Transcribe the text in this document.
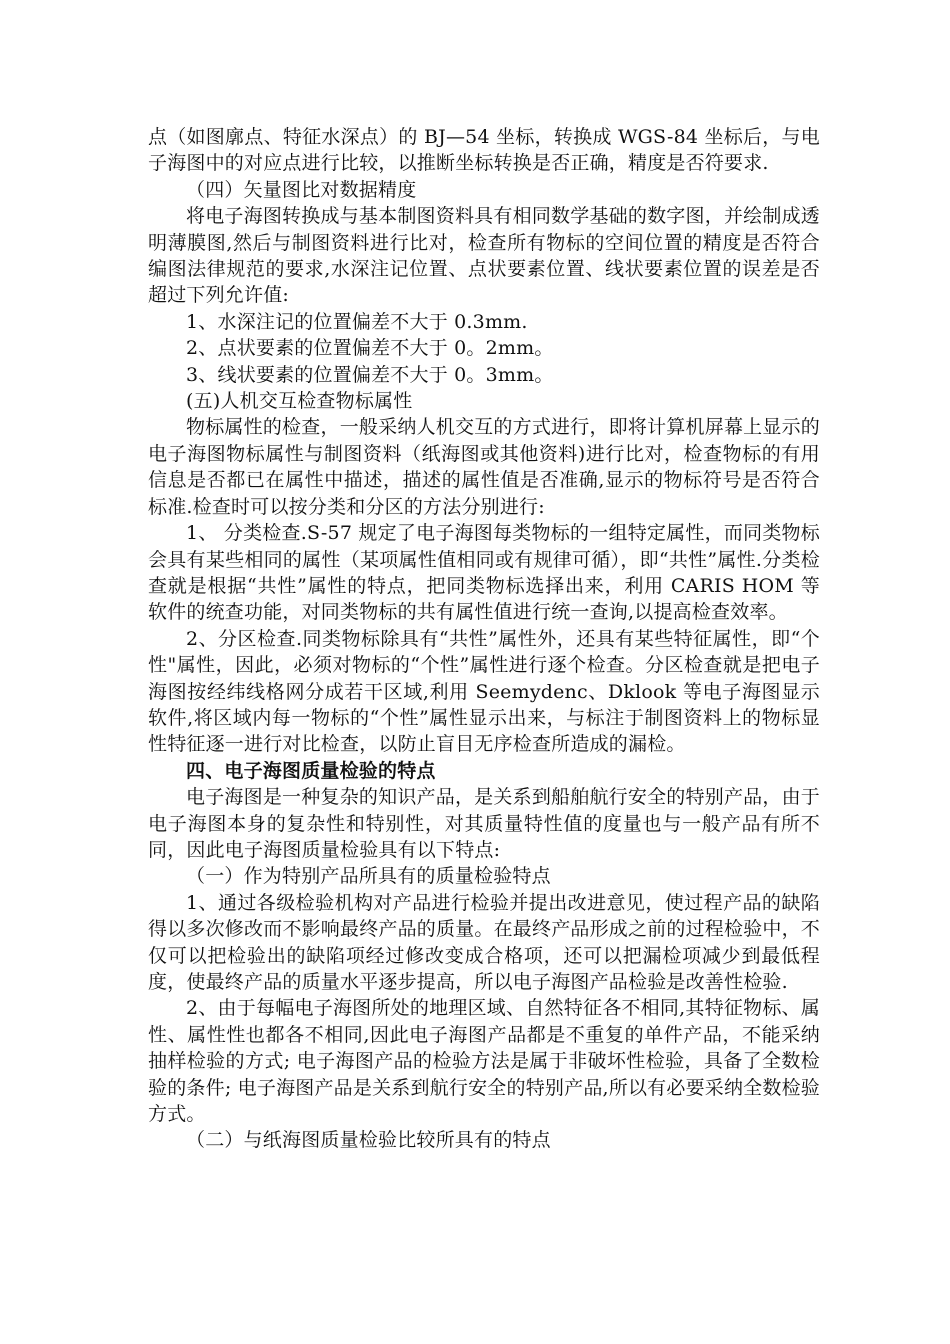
点（如图廓点、特征水深点）的 BJ—54 坐标，转换成 WGS-84 坐标后，与电子海图中的对应点进行比较，以推断坐标转换是否正确，精度是否符要求.

（四）矢量图比对数据精度

将电子海图转换成与基本制图资料具有相同数学基础的数字图，并绘制成透明薄膜图,然后与制图资料进行比对，检查所有物标的空间位置的精度是否符合编图法律规范的要求,水深注记位置、点状要素位置、线状要素位置的误差是否超过下列允许值:

1、水深注记的位置偏差不大于 0.3mm.

2、点状要素的位置偏差不大于 0。2mm。

3、线状要素的位置偏差不大于 0。3mm。

(五)人机交互检查物标属性

物标属性的检查，一般采纳人机交互的方式进行，即将计算机屏幕上显示的电子海图物标属性与制图资料（纸海图或其他资料)进行比对，检查物标的有用信息是否都已在属性中描述，描述的属性值是否准确,显示的物标符号是否符合标准.检查时可以按分类和分区的方法分别进行:

1、 分类检查.S-57 规定了电子海图每类物标的一组特定属性，而同类物标会具有某些相同的属性（某项属性值相同或有规律可循），即“共性”属性.分类检查就是根据“共性”属性的特点，把同类物标选择出来，利用 CARIS HOM 等软件的统查功能，对同类物标的共有属性值进行统一查询,以提高检查效率。

2、分区检查.同类物标除具有“共性”属性外，还具有某些特征属性，即“个性"属性，因此，必须对物标的“个性”属性进行逐个检查。分区检查就是把电子海图按经纬线格网分成若干区域,利用 Seemydenc、Dklook 等电子海图显示软件,将区域内每一物标的“个性”属性显示出来，与标注于制图资料上的物标显性特征逐一进行对比检查，以防止盲目无序检查所造成的漏检。

四、电子海图质量检验的特点

电子海图是一种复杂的知识产品，是关系到船舶航行安全的特别产品，由于电子海图本身的复杂性和特别性，对其质量特性值的度量也与一般产品有所不同，因此电子海图质量检验具有以下特点:

（一）作为特别产品所具有的质量检验特点

1、通过各级检验机构对产品进行检验并提出改进意见，使过程产品的缺陷得以多次修改而不影响最终产品的质量。在最终产品形成之前的过程检验中，不仅可以把检验出的缺陷项经过修改变成合格项，还可以把漏检项减少到最低程度，使最终产品的质量水平逐步提高，所以电子海图产品检验是改善性检验.

2、由于每幅电子海图所处的地理区域、自然特征各不相同,其特征物标、属性、属性性也都各不相同,因此电子海图产品都是不重复的单件产品，不能采纳抽样检验的方式; 电子海图产品的检验方法是属于非破坏性检验，具备了全数检验的条件; 电子海图产品是关系到航行安全的特别产品,所以有必要采纳全数检验方式。

（二）与纸海图质量检验比较所具有的特点
